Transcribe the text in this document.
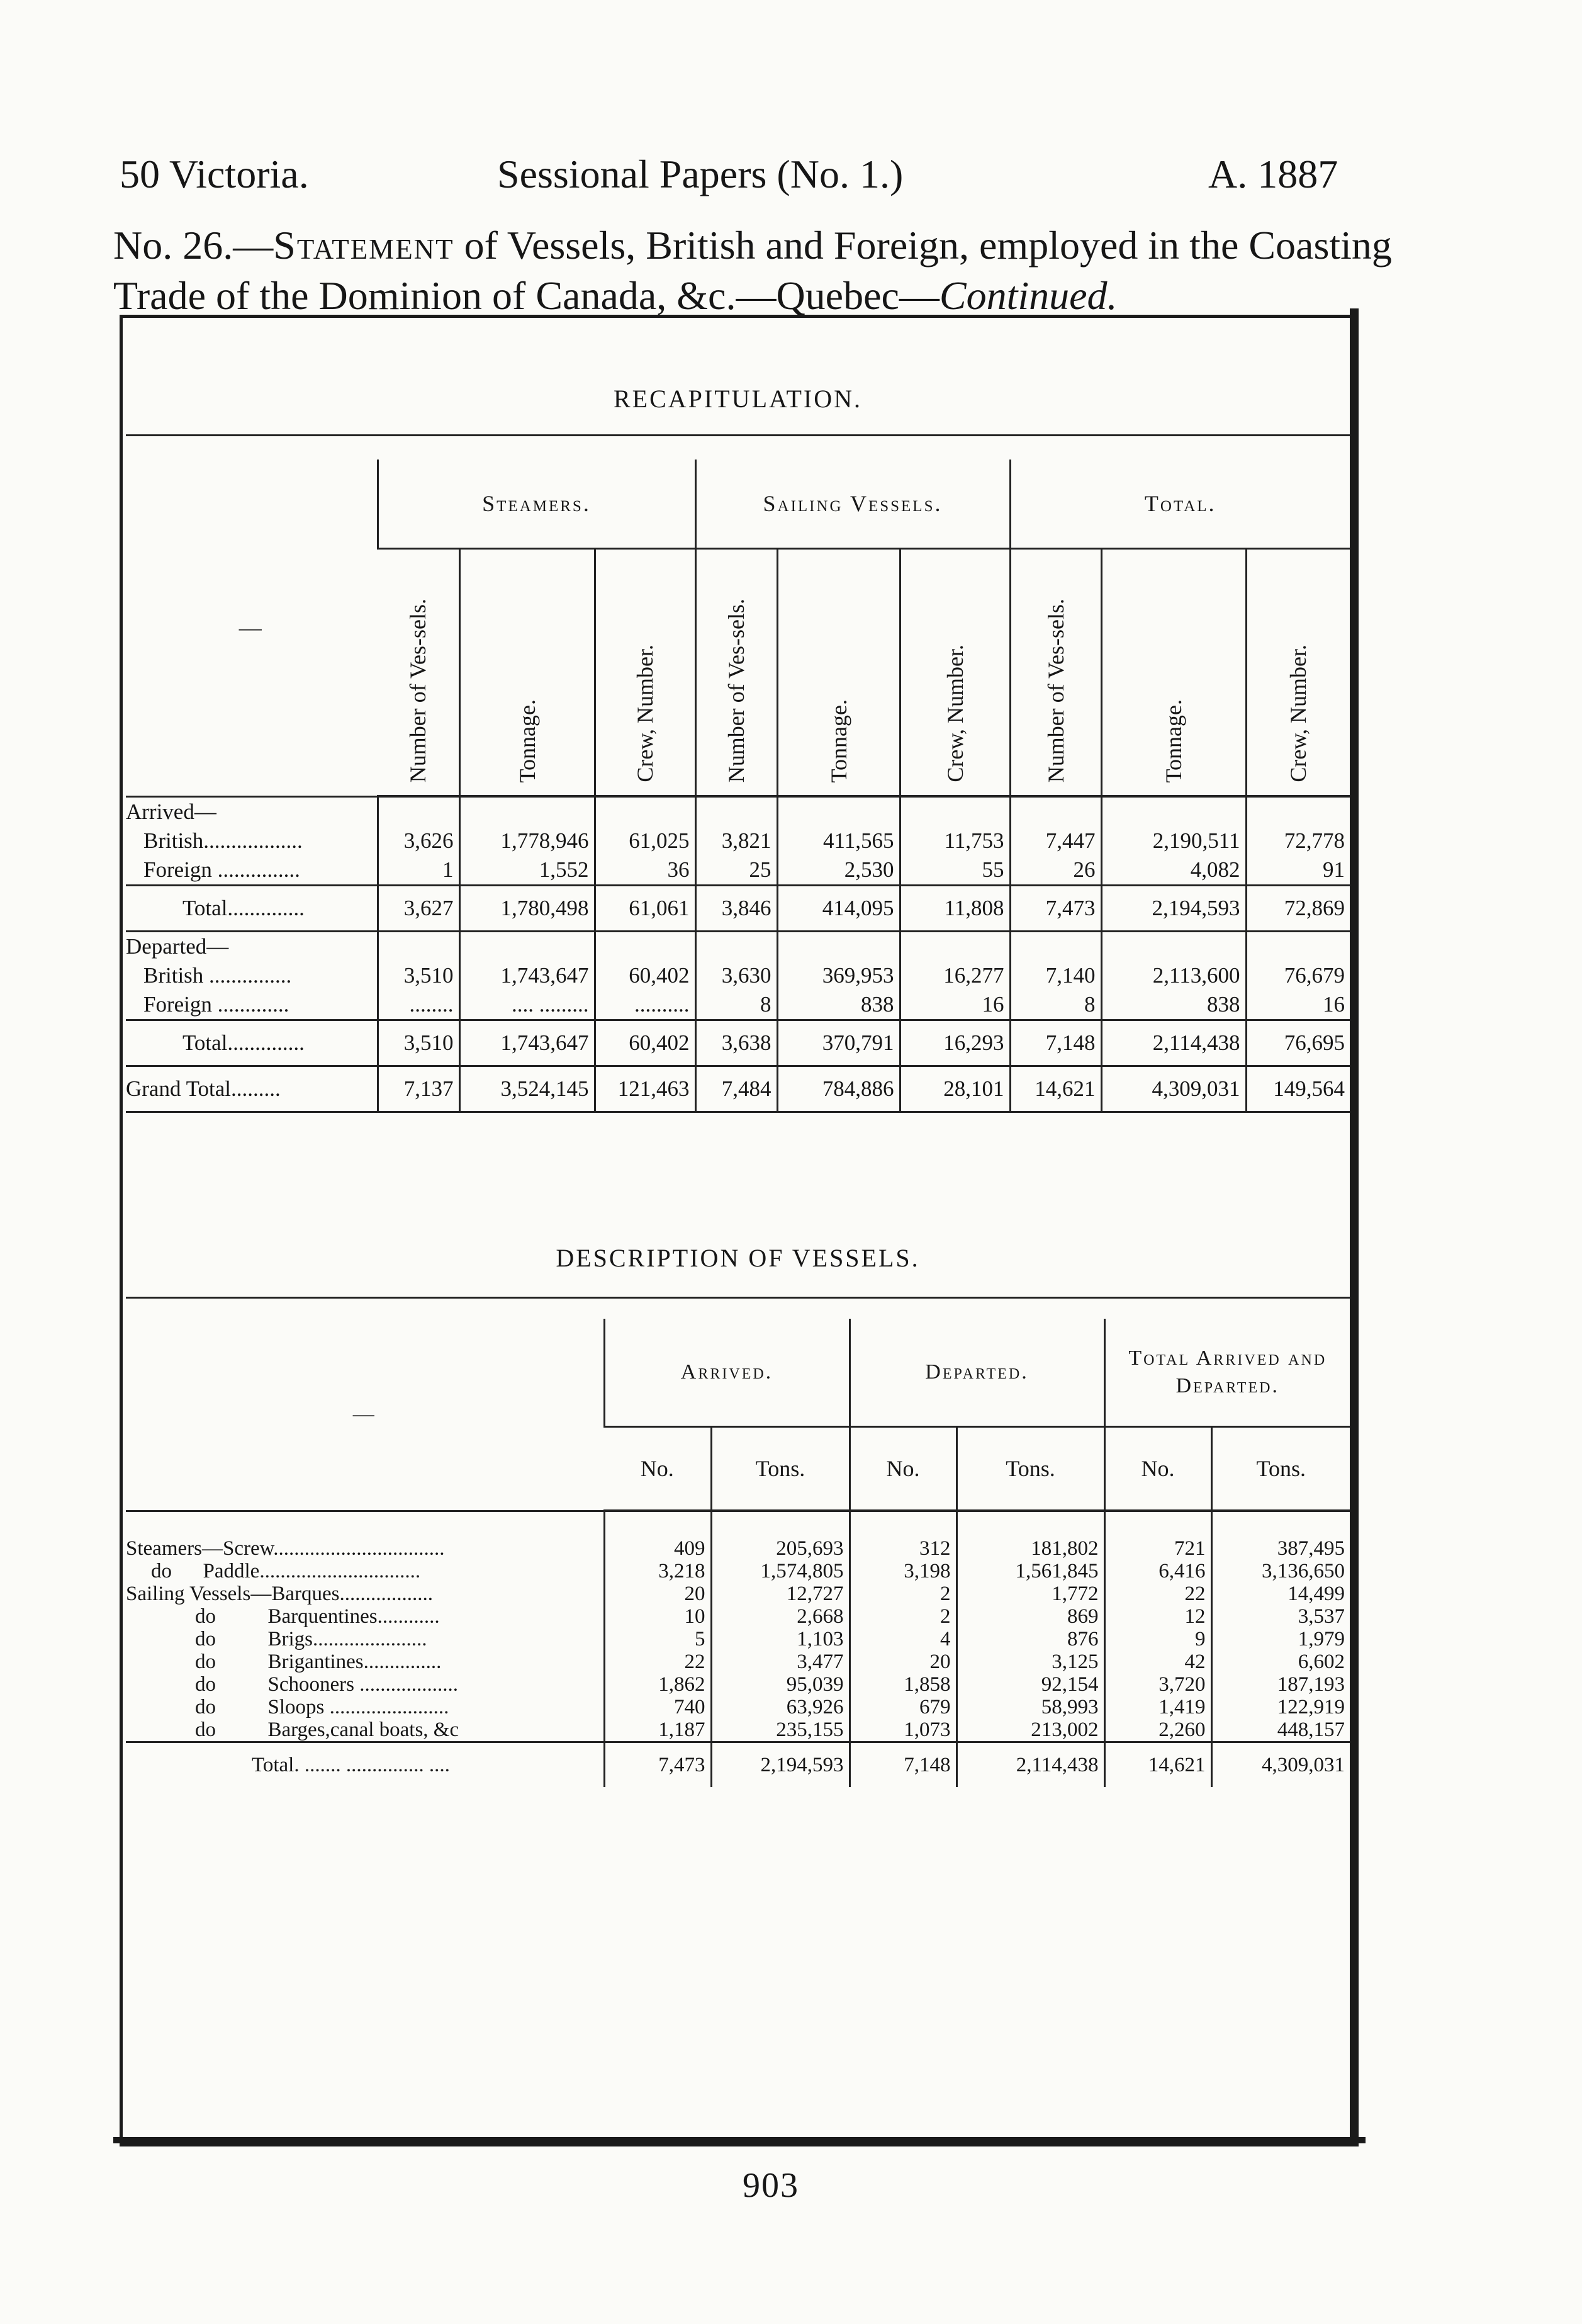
50 Victoria.	Sessional Papers (No. 1.)	A. 1887
No. 26.—Statement of Vessels, British and Foreign, employed in the Coasting Trade of the Dominion of Canada, &c.—Quebec—Continued.
RECAPITULATION.
—	Steamers.			Sailing Vessels.			Total.		

	Number of Ves-sels.	Tonnage.	Crew, Number.	Number of Ves-sels.	Tonnage.	Crew, Number.	Number of Ves-sels.	Tonnage.	Crew, Number.

Arrived—									
British..................	3,626	1,778,946	61,025	3,821	411,565	11,753	7,447	2,190,511	72,778
Foreign ...............	1	1,552	36	25	2,530	55	26	4,082	91
Total..............	3,627	1,780,498	61,061	3,846	414,095	11,808	7,473	2,194,593	72,869
Departed—									
British ...............	3,510	1,743,647	60,402	3,630	369,953	16,277	7,140	2,113,600	76,679
Foreign .............	........	.... .........	..........	8	838	16	8	838	16
Total..............	3,510	1,743,647	60,402	3,638	370,791	16,293	7,148	2,114,438	76,695
Grand Total.........	7,137	3,524,145	121,463	7,484	784,886	28,101	14,621	4,309,031	149,564
DESCRIPTION OF VESSELS.
—	Arrived.		Departed.		Total Arrived and Departed.	
	No.	Tons.	No.	Tons.	No.	Tons.
Steamers—Screw.................................	409	205,693	312	181,802	721	387,495
do      Paddle...............................	3,218	1,574,805	3,198	1,561,845	6,416	3,136,650
Sailing Vessels—Barques..................	20	12,727	2	1,772	22	14,499
do          Barquentines............	10	2,668	2	869	12	3,537
do          Brigs......................	5	1,103	4	876	9	1,979
do          Brigantines...............	22	3,477	20	3,125	42	6,602
do          Schooners ...................	1,862	95,039	1,858	92,154	3,720	187,193
do          Sloops .......................	740	63,926	679	58,993	1,419	122,919
do          Barges,canal boats, &c	1,187	235,155	1,073	213,002	2,260	448,157
Total. ....... ............... ....	7,473	2,194,593	7,148	2,114,438	14,621	4,309,031
903
